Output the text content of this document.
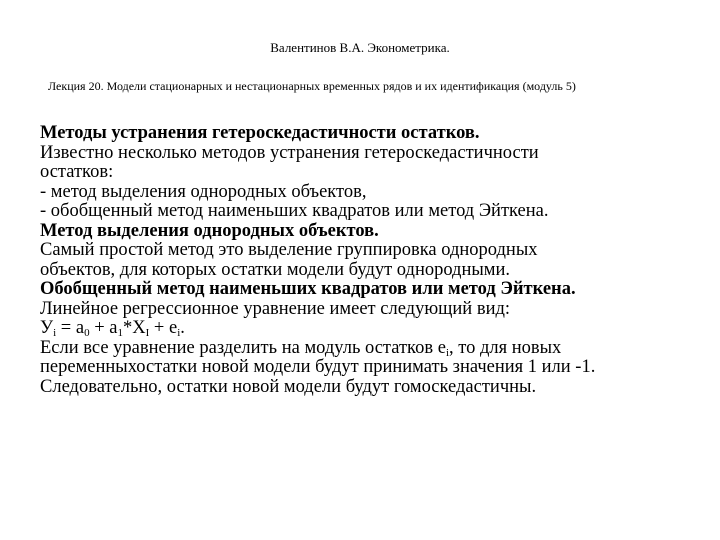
Валентинов В.А. Эконометрика.
Лекция 20. Модели стационарных и нестационарных временных рядов и их идентификация (модуль 5)
Методы устранения гетероскедастичности остатков.
Известно несколько методов устранения гетероскедастичности
остатков:
- метод выделения однородных объектов,
- обобщенный метод наименьших квадратов или метод Эйткена.
Метод выделения однородных объектов.
Самый простой метод это выделение группировка однородных
объектов, для которых остатки модели будут однородными.
Обобщенный метод наименьших квадратов или метод Эйткена.
Линейное регрессионное уравнение имеет следующий вид:
$У_i = a_0 + a_1*X_I + e_i$.
Если все уравнение разделить на модуль остатков $e_i$, то для новых
переменныхостатки новой модели будут принимать значения 1 или -1.
Следовательно, остатки новой модели будут гомоскедастичны.
